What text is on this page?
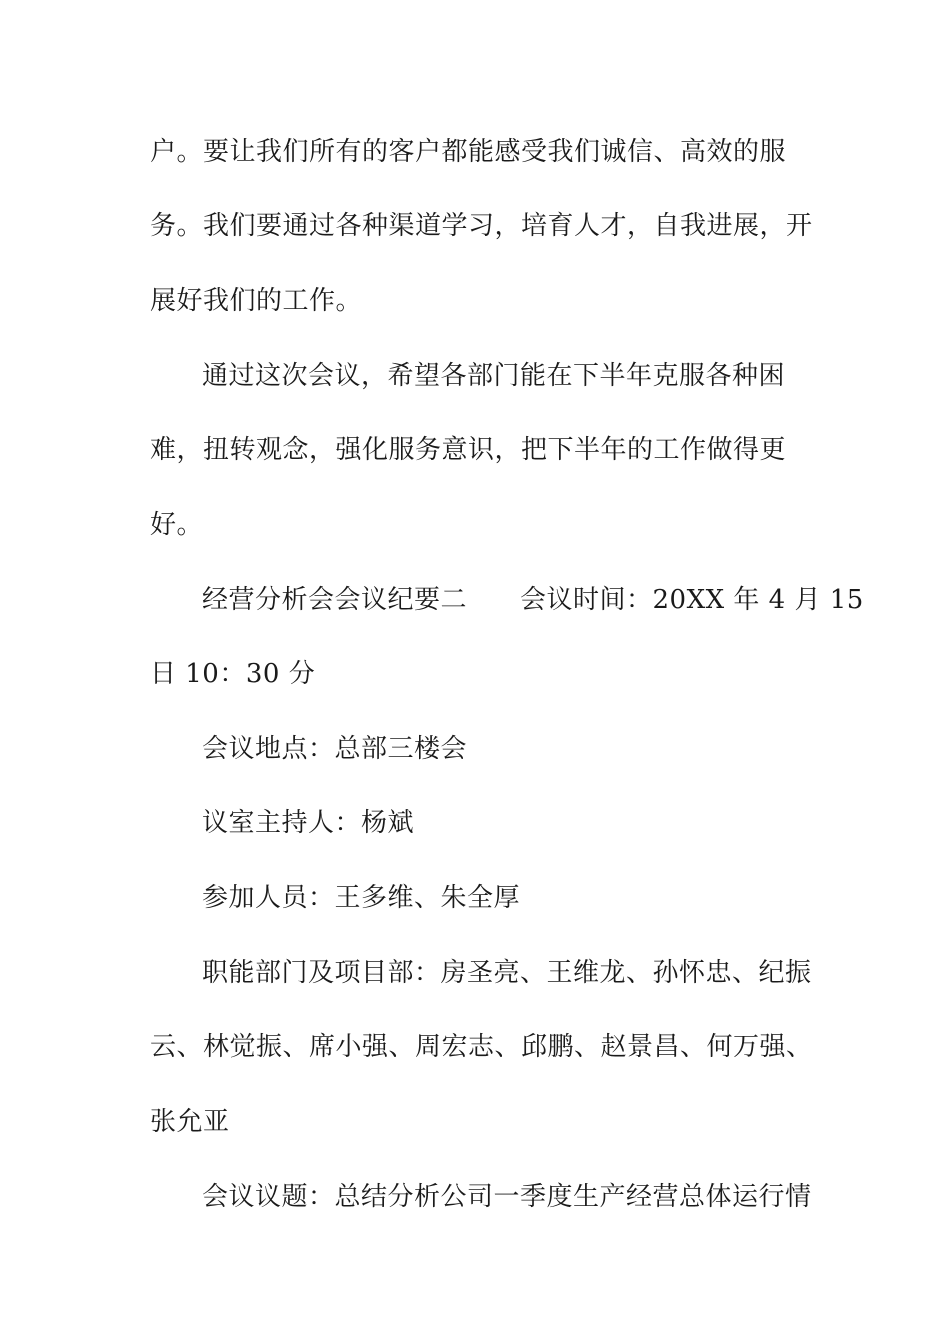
户。要让我们所有的客户都能感受我们诚信、高效的服
务。我们要通过各种渠道学习，培育人才，自我进展，开
展好我们的工作。
通过这次会议，希望各部门能在下半年克服各种困
难，扭转观念，强化服务意识，把下半年的工作做得更
好。
经营分析会会议纪要二　　会议时间：20XX 年 4 月 15
日 10：30 分
会议地点：总部三楼会
议室主持人：杨斌
参加人员：王多维、朱全厚
职能部门及项目部：房圣亮、王维龙、孙怀忠、纪振
云、林觉振、席小强、周宏志、邱鹏、赵景昌、何万强、
张允亚
会议议题：总结分析公司一季度生产经营总体运行情
